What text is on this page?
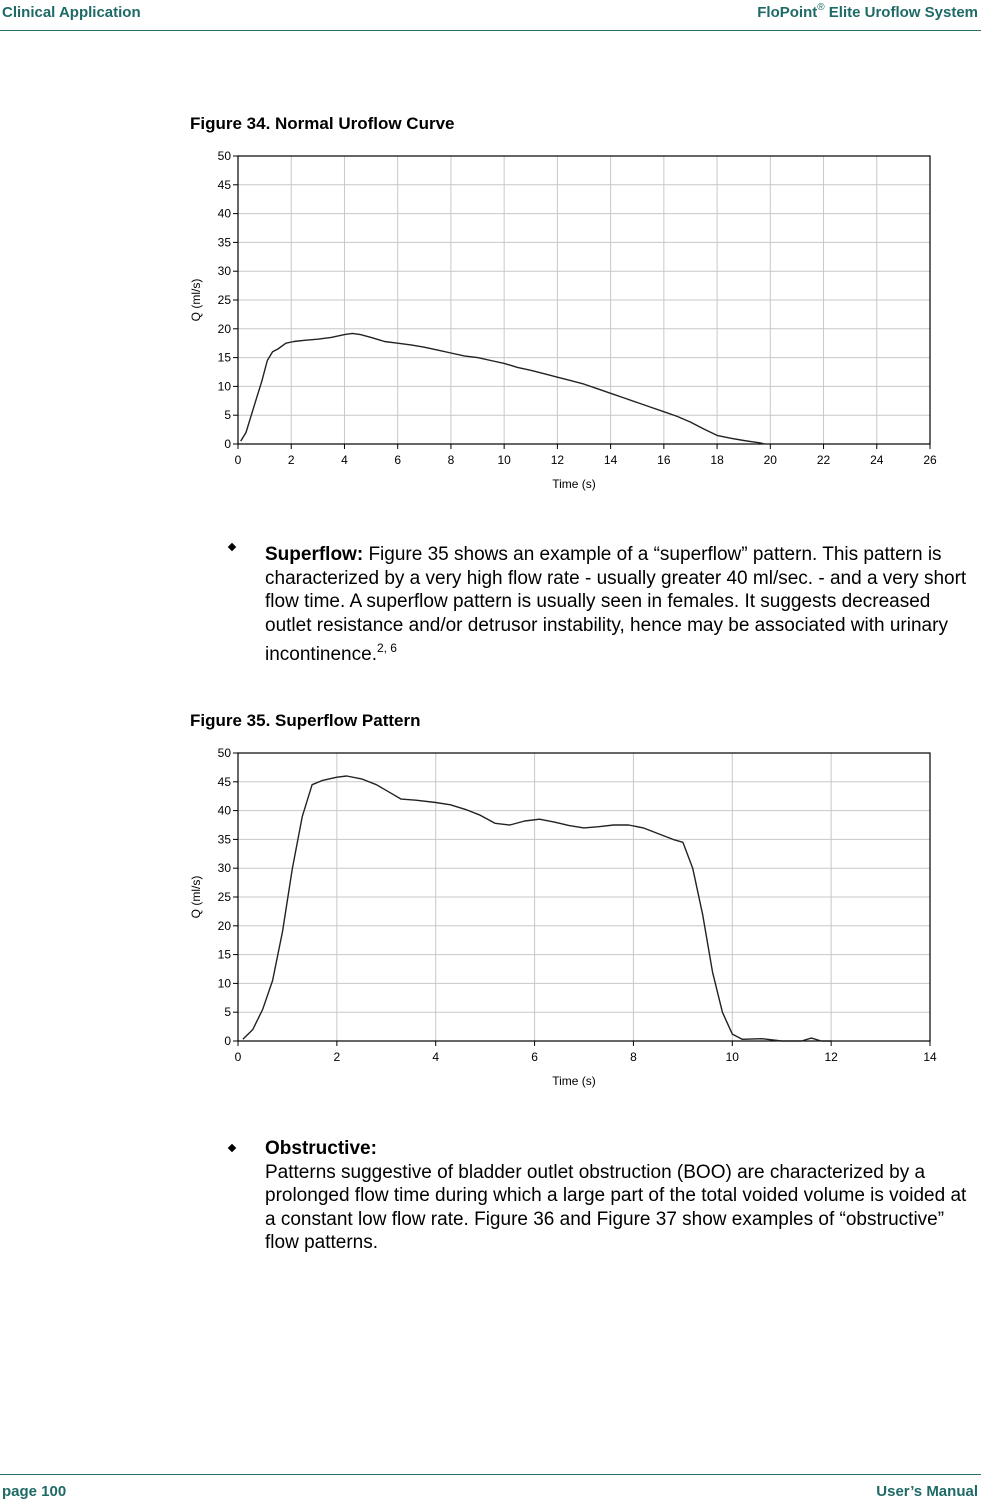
Clinical Application	FloPoint® Elite Uroflow System
Figure 34. Normal Uroflow Curve
0	2	4	6	8	10	12	14	16	18	20	22	24	26
0
5
10
15
20
25
30
35
40
45
50
Time (s)
Q (ml/s)
Superflow: Figure 35 shows an example of a “superflow” pattern. This pattern is characterized by a very high flow rate - usually greater 40 ml/sec. - and a very short flow time. A superflow pattern is usually seen in females. It suggests decreased outlet resistance and/or detrusor instability, hence may be associated with urinary incontinence.$^{2, 6}$
Figure 35. Superflow Pattern
0	2	4	6	8	10	12	14
0
5
10
15
20
25
30
35
40
45
50
Time (s)
Q (ml/s)
Obstructive:
Patterns suggestive of bladder outlet obstruction (BOO) are characterized by a prolonged flow time during which a large part of the total voided volume is voided at a constant low flow rate. Figure 36 and Figure 37 show examples of “obstructive” flow patterns.
page 100	User’s Manual
